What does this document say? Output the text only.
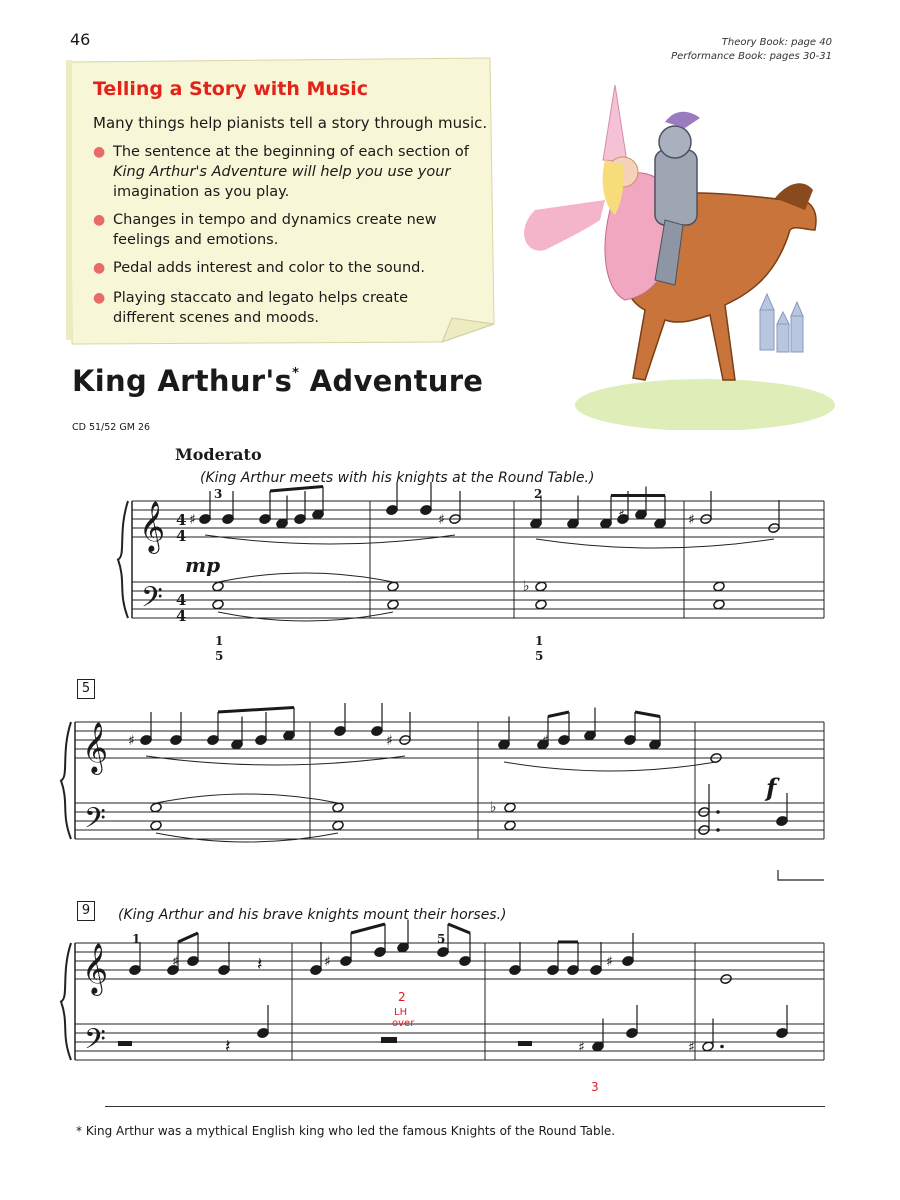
46	Theory Book: page 40
Performance Book: pages 30-31
Telling a Story with Music
Many things help pianists tell a story through music.
● The sentence at the beginning of each section of
King Arthur's Adventure will help you use your
imagination as you play.
● Changes in tempo and dynamics create new
feelings and emotions.
● Pedal adds interest and color to the sound.
● Playing staccato and legato helps create
different scenes and moods.
King Arthur's* Adventure
CD 51/52 GM 26
Moderato
(King Arthur meets with his knights at the Round Table.)
5
9	(King Arthur and his brave knights mount their horses.)
𝄞
𝄢
𝄞
𝄢
𝄞
𝄢
♯	♯	♯	♯
♭
♯	♯	♯
♭
♯	𝄽	♯	♯
𝄽	♯	♯
3	2
1
5
1
5
1	5
2
LH
over
3
mp
f
4
4
4
4
* King Arthur was a mythical English king who led the famous Knights of the Round Table.
